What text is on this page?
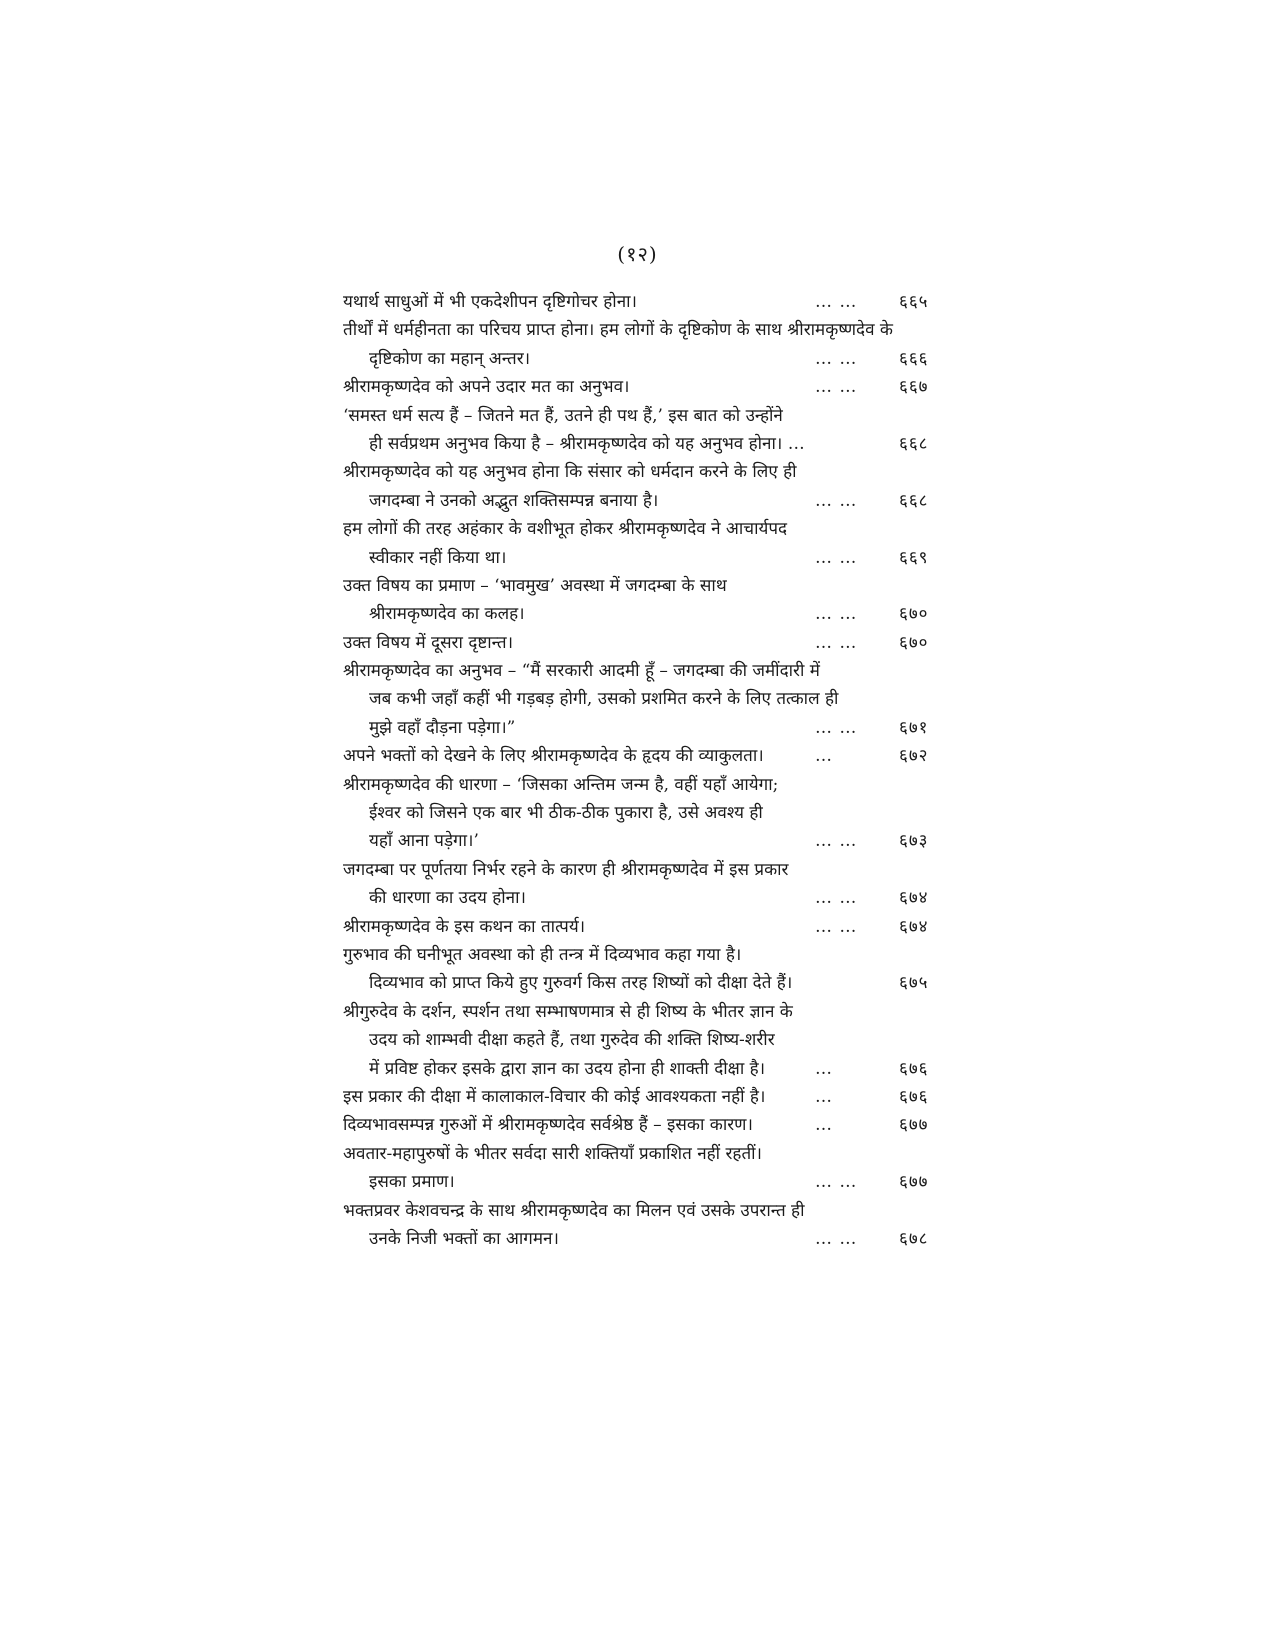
(१२)
यथार्थ साधुओं में भी एकदेशीपन दृष्टिगोचर होना।	… … ६६५
तीर्थों में धर्महीनता का परिचय प्राप्त होना। हम लोगों के दृष्टिकोण के साथ श्रीरामकृष्णदेव के
दृष्टिकोण का महान् अन्तर।	… … ६६६
श्रीरामकृष्णदेव को अपने उदार मत का अनुभव।	… … ६६७
‘समस्त धर्म सत्य हैं – जितने मत हैं, उतने ही पथ हैं,’ इस बात को उन्होंने
ही सर्वप्रथम अनुभव किया है – श्रीरामकृष्णदेव को यह अनुभव होना। …	६६८
श्रीरामकृष्णदेव को यह अनुभव होना कि संसार को धर्मदान करने के लिए ही
जगदम्बा ने उनको अद्भुत शक्तिसम्पन्न बनाया है।	… … ६६८
हम लोगों की तरह अहंकार के वशीभूत होकर श्रीरामकृष्णदेव ने आचार्यपद
स्वीकार नहीं किया था।	… … ६६९
उक्त विषय का प्रमाण – ‘भावमुख’ अवस्था में जगदम्बा के साथ
श्रीरामकृष्णदेव का कलह।	… … ६७०
उक्त विषय में दूसरा दृष्टान्त।	… … ६७०
श्रीरामकृष्णदेव का अनुभव – “मैं सरकारी आदमी हूँ – जगदम्बा की जमींदारी में
जब कभी जहाँ कहीं भी गड़बड़ होगी, उसको प्रशमित करने के लिए तत्काल ही
मुझे वहाँ दौड़ना पड़ेगा।”	… … ६७१
अपने भक्तों को देखने के लिए श्रीरामकृष्णदेव के हृदय की व्याकुलता।	…	६७२
श्रीरामकृष्णदेव की धारणा – ‘जिसका अन्तिम जन्म है, वहीं यहाँ आयेगा;
ईश्वर को जिसने एक बार भी ठीक-ठीक पुकारा है, उसे अवश्य ही
यहाँ आना पड़ेगा।’	… … ६७३
जगदम्बा पर पूर्णतया निर्भर रहने के कारण ही श्रीरामकृष्णदेव में इस प्रकार
की धारणा का उदय होना।	… … ६७४
श्रीरामकृष्णदेव के इस कथन का तात्पर्य।	… … ६७४
गुरुभाव की घनीभूत अवस्था को ही तन्त्र में दिव्यभाव कहा गया है।
दिव्यभाव को प्राप्त किये हुए गुरुवर्ग किस तरह शिष्यों को दीक्षा देते हैं।	६७५
श्रीगुरुदेव के दर्शन, स्पर्शन तथा सम्भाषणमात्र से ही शिष्य के भीतर ज्ञान के
उदय को शाम्भवी दीक्षा कहते हैं, तथा गुरुदेव की शक्ति शिष्य-शरीर
में प्रविष्ट होकर इसके द्वारा ज्ञान का उदय होना ही शाक्ती दीक्षा है।	…	६७६
इस प्रकार की दीक्षा में कालाकाल-विचार की कोई आवश्यकता नहीं है।	…	६७६
दिव्यभावसम्पन्न गुरुओं में श्रीरामकृष्णदेव सर्वश्रेष्ठ हैं – इसका कारण।	…	६७७
अवतार-महापुरुषों के भीतर सर्वदा सारी शक्तियाँ प्रकाशित नहीं रहतीं।
इसका प्रमाण।	… … ६७७
भक्तप्रवर केशवचन्द्र के साथ श्रीरामकृष्णदेव का मिलन एवं उसके उपरान्त ही
उनके निजी भक्तों का आगमन।	… … ६७८
